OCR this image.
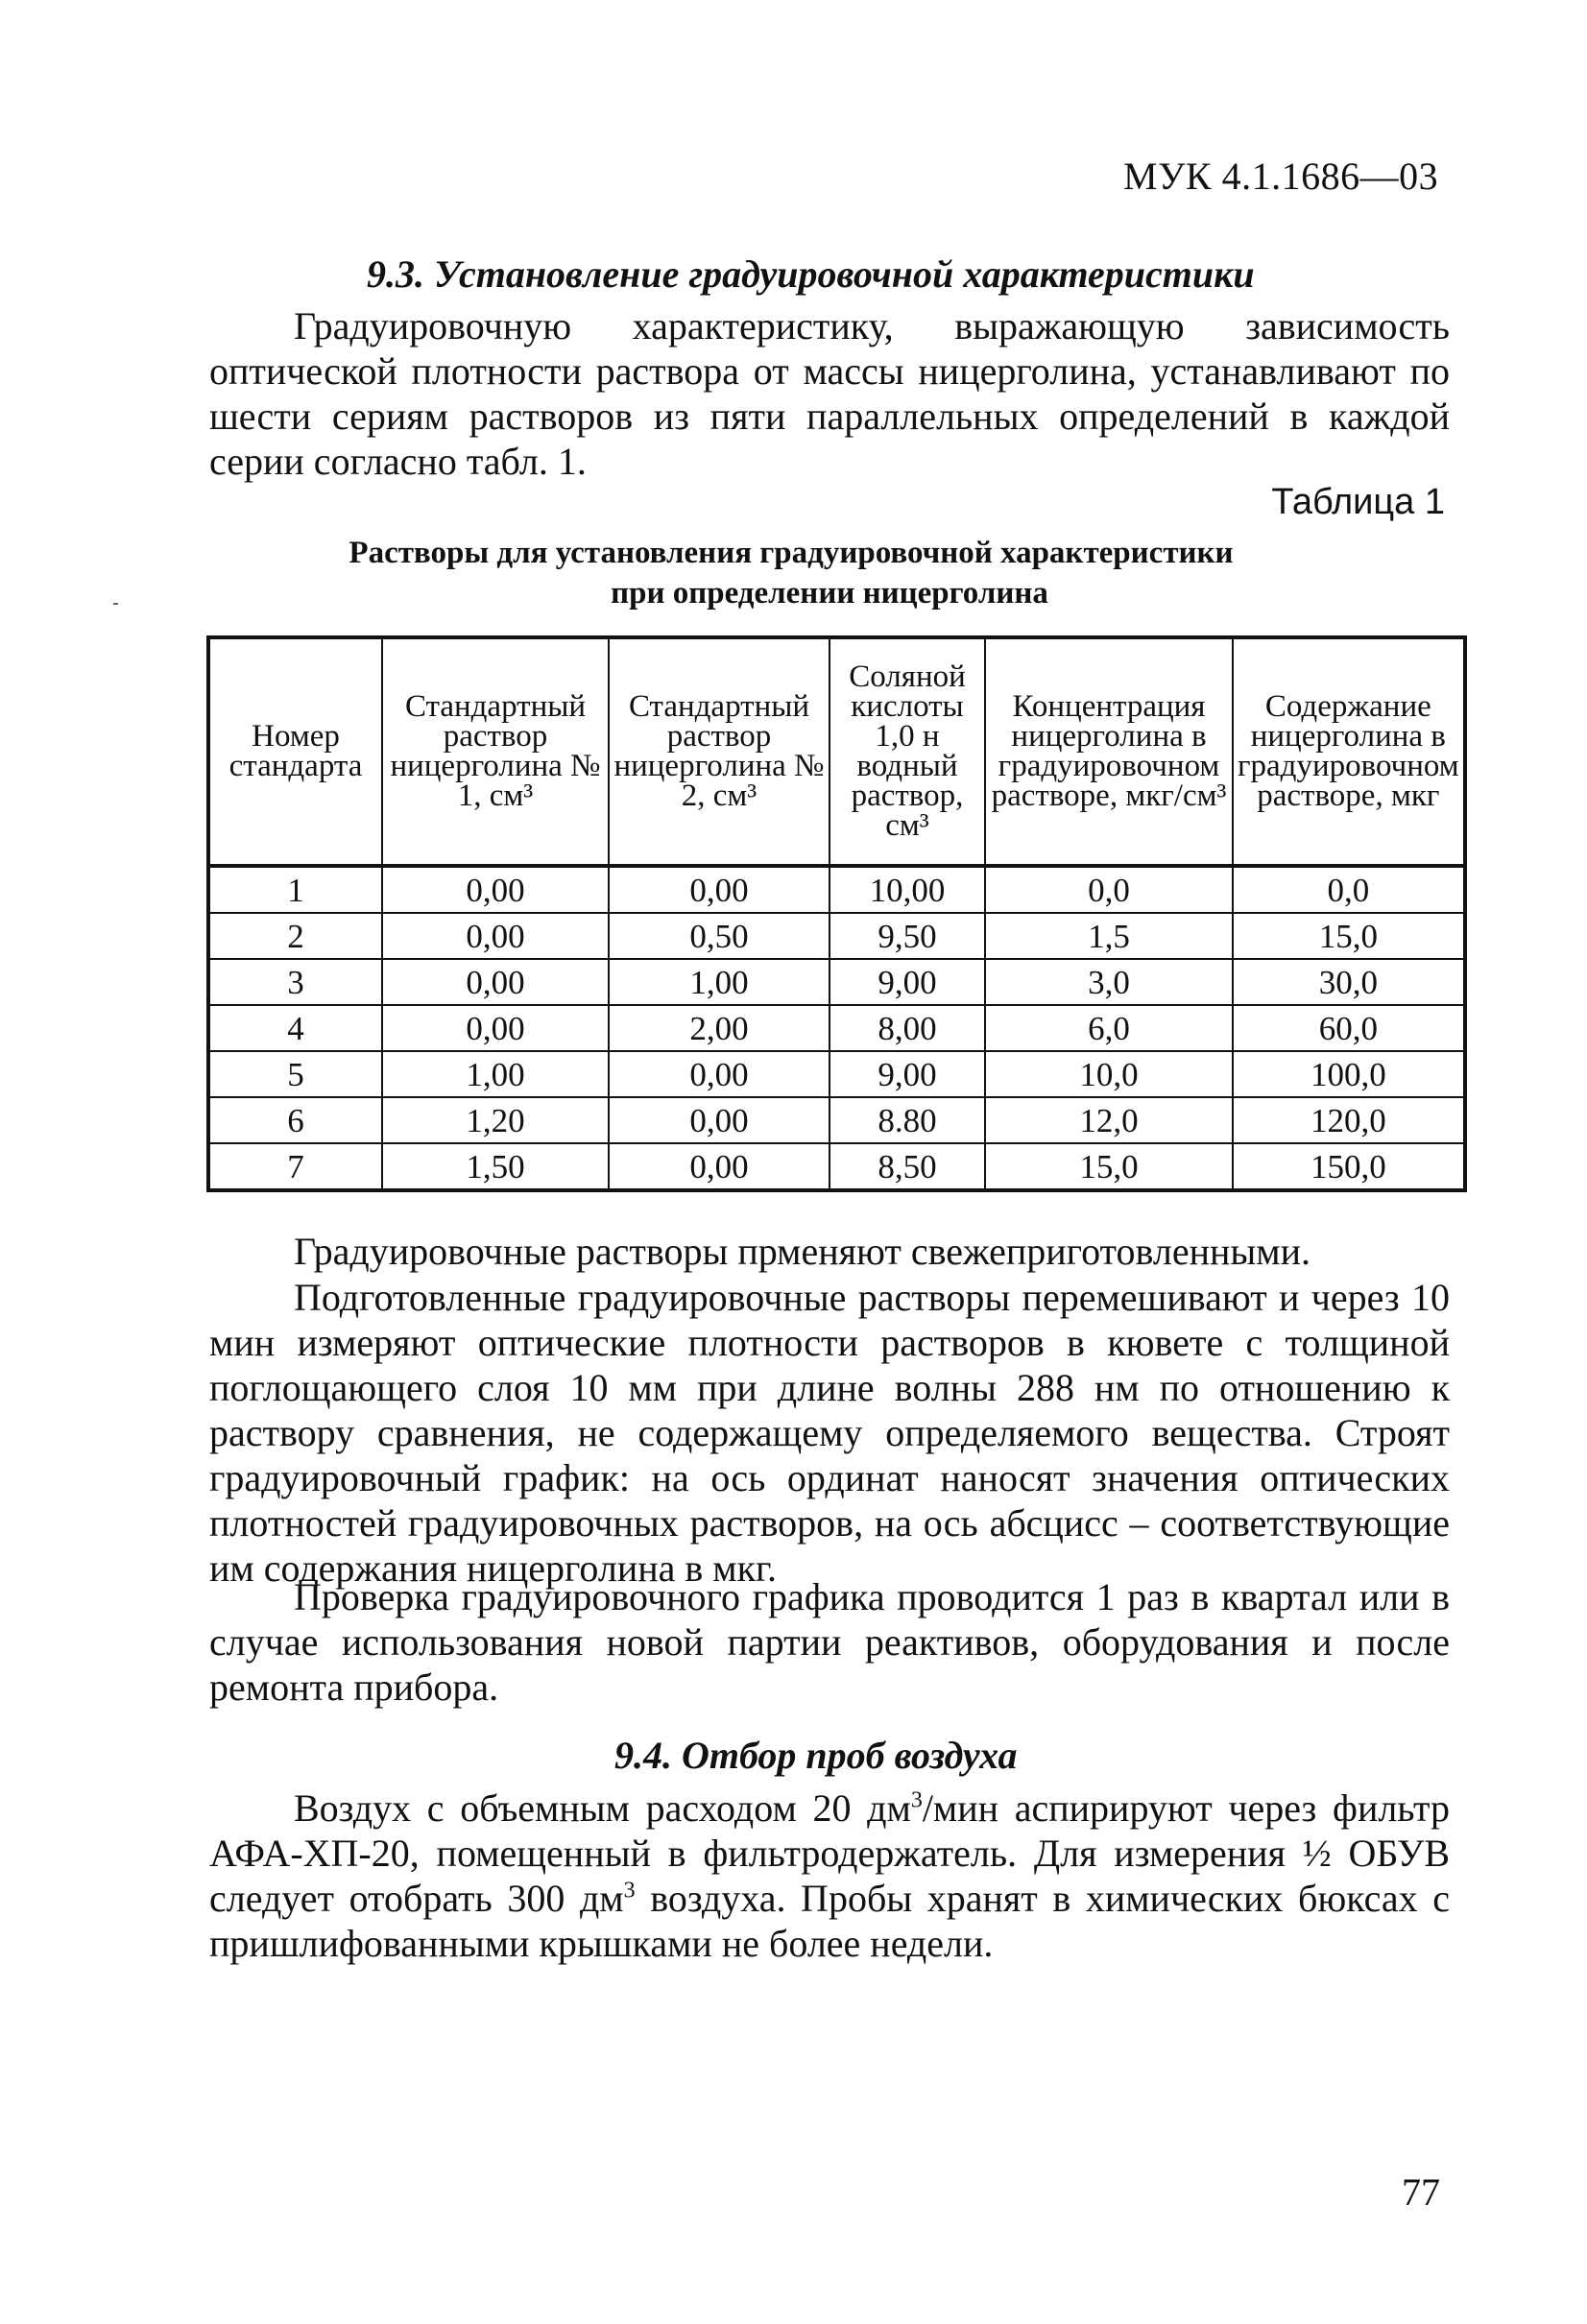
МУК 4.1.1686—03
9.3. Установление градуировочной характеристики

Градуировочную характеристику, выражающую зависимость оптической плотности раствора от массы ницерголина, устанавливают по шести сериям растворов из пяти параллельных определений в каждой серии согласно табл. 1.

Таблица 1
Растворы для установления градуировочной характеристики
при определении ницерголина
Номер стандарта	Стандартный раствор ницерголина № 1, см³	Стандартный раствор ницерголина № 2, см³	Соляной кислоты 1,0 н водный раствор, см³	Концентрация ницерголина в градуировочном растворе, мкг/см³	Содержание ницерголина в градуировочном растворе, мкг
1	0,00	0,00	10,00	0,0	0,0
2	0,00	0,50	9,50	1,5	15,0
3	0,00	1,00	9,00	3,0	30,0
4	0,00	2,00	8,00	6,0	60,0
5	1,00	0,00	9,00	10,0	100,0
6	1,20	0,00	8.80	12,0	120,0
7	1,50	0,00	8,50	15,0	150,0

Градуировочные растворы прменяют свежеприготовленными.

Подготовленные градуировочные растворы перемешивают и через 10 мин измеряют оптические плотности растворов в кювете с толщиной поглощающего слоя 10 мм при длине волны 288 нм по отношению к раствору сравнения, не содержащему определяемого вещества. Строят градуировочный график: на ось ординат наносят значения оптических плотностей градуировочных растворов, на ось абсцисс – соответствующие им содержания ницерголина в мкг.

Проверка градуировочного графика проводится 1 раз в квартал или в случае использования новой партии реактивов, оборудования и после ремонта прибора.

9.4. Отбор проб воздуха

Воздух с объемным расходом 20 $дм^3$/мин аспирируют через фильтр АФА-ХП-20, помещенный в фильтродержатель. Для измерения ½ ОБУВ следует отобрать 300 $дм^3$ воздуха. Пробы хранят в химических бюксах с пришлифованными крышками не более недели.

77
